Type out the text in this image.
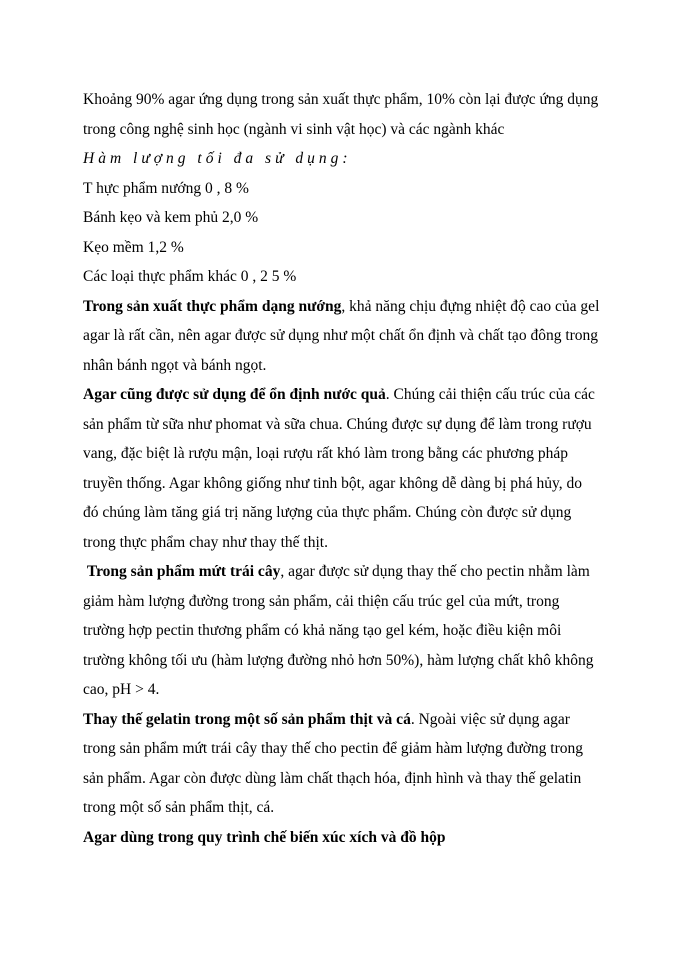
Khoảng 90% agar ứng dụng trong sản xuất thực phẩm, 10% còn lại được ứng dụng
trong công nghệ sinh học (ngành vi sinh vật học) và các ngành khác
Hàm lượng tối đa sử dụng:
T hực phẩm nướng 0 , 8 %
Bánh kẹo và kem phủ 2,0 %
Kẹo mềm 1,2 %
Các loại thực phẩm khác 0 , 2 5 %
Trong sản xuất thực phẩm dạng nướng, khả năng chịu đựng nhiệt độ cao của gel
agar là rất cần, nên agar được sử dụng như một chất ổn định và chất tạo đông trong
nhân bánh ngọt và bánh ngọt.
Agar cũng được sử dụng để ổn định nước quả. Chúng cải thiện cấu trúc của các
sản phẩm từ sữa như phomat và sữa chua. Chúng được sự dụng để làm trong rượu
vang, đặc biệt là rượu mận, loại rượu rất khó làm trong bằng các phương pháp
truyền thống. Agar không giống như tinh bột, agar không dễ dàng bị phá hủy, do
đó chúng làm tăng giá trị năng lượng của thực phẩm. Chúng còn được sử dụng
trong thực phẩm chay như thay thế thịt.
Trong sản phẩm mứt trái cây, agar được sử dụng thay thế cho pectin nhằm làm
giảm hàm lượng đường trong sản phẩm, cải thiện cấu trúc gel của mứt, trong
trường hợp pectin thương phẩm có khả năng tạo gel kém, hoặc điều kiện môi
trường không tối ưu (hàm lượng đường nhỏ hơn 50%), hàm lượng chất khô không
cao, pH > 4.
Thay thế gelatin trong một số sản phẩm thịt và cá. Ngoài việc sử dụng agar
trong sản phẩm mứt trái cây thay thế cho pectin để giảm hàm lượng đường trong
sản phẩm. Agar còn được dùng làm chất thạch hóa, định hình và thay thế gelatin
trong một số sản phẩm thịt, cá.
Agar dùng trong quy trình chế biến xúc xích và đồ hộp
